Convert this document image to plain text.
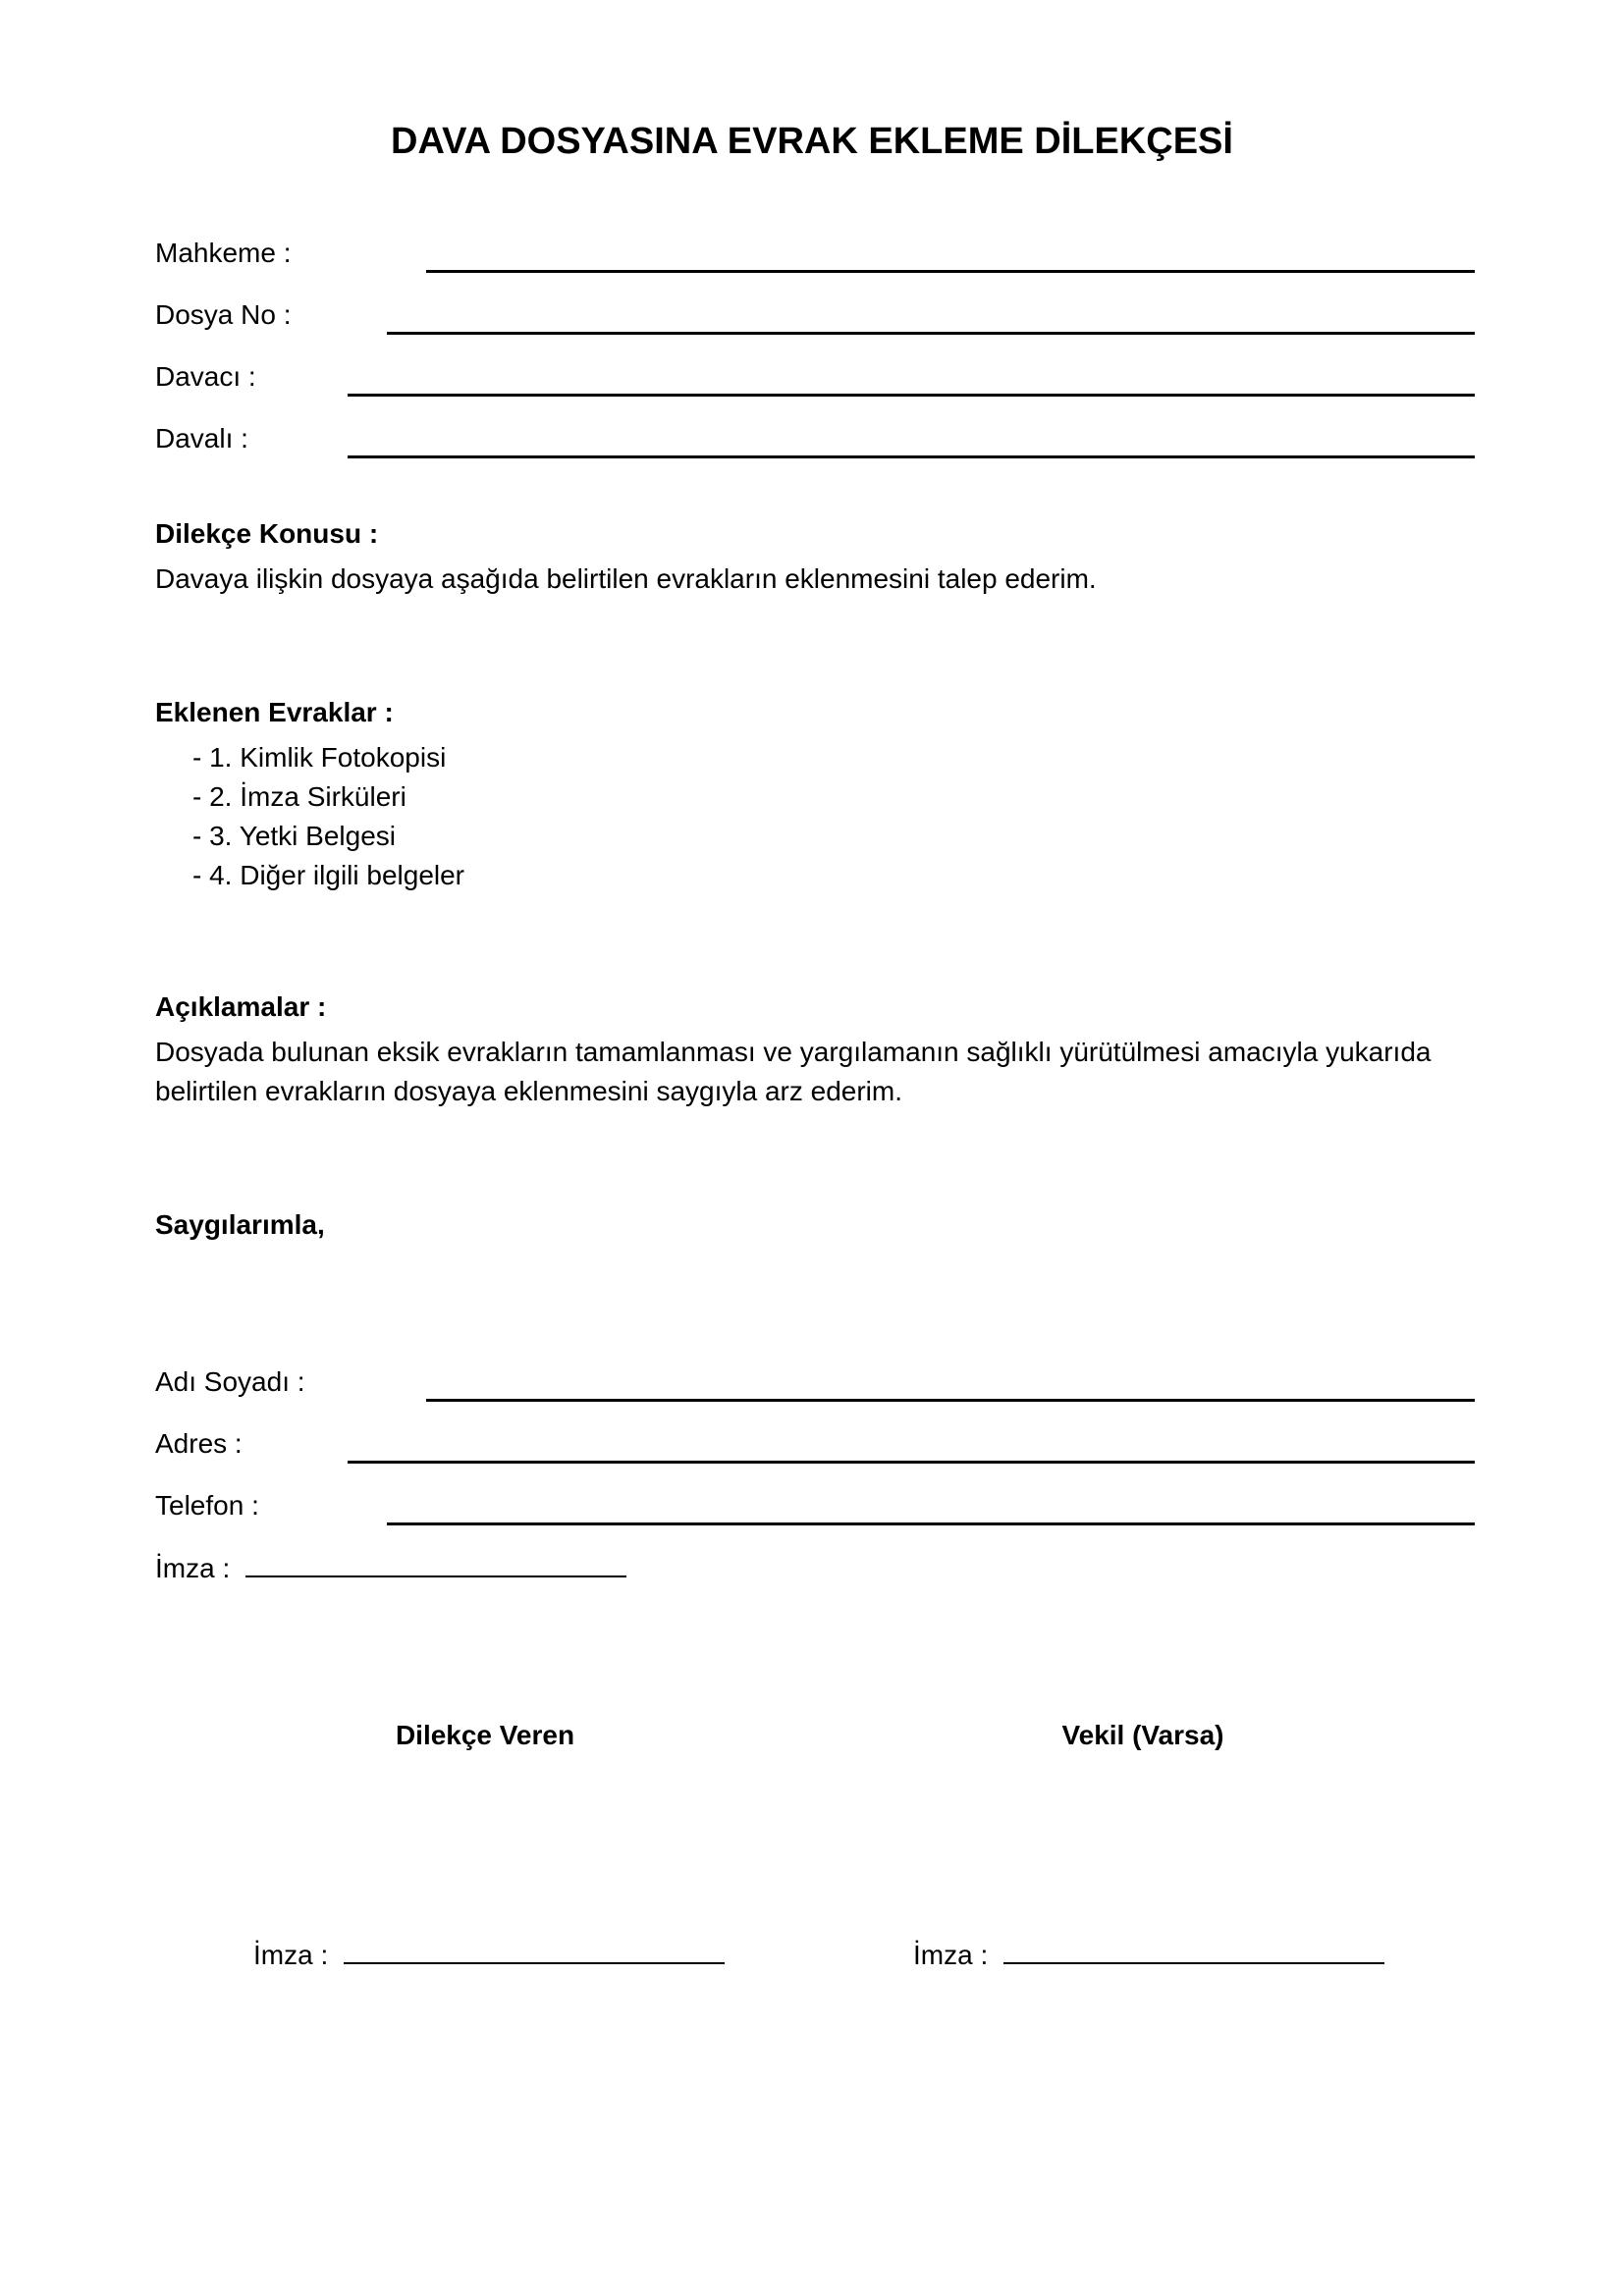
DAVA DOSYASINA EVRAK EKLEME DİLEKÇESİ
Mahkeme :
Dosya No :
Davacı :
Davalı :
Dilekçe Konusu :
Davaya ilişkin dosyaya aşağıda belirtilen evrakların eklenmesini talep ederim.
Eklenen Evraklar :
- 1. Kimlik Fotokopisi
- 2. İmza Sirküleri
- 3. Yetki Belgesi
- 4. Diğer ilgili belgeler
Açıklamalar :
Dosyada bulunan eksik evrakların tamamlanması ve yargılamanın sağlıklı yürütülmesi amacıyla yukarıda belirtilen evrakların dosyaya eklenmesini saygıyla arz ederim.
Saygılarımla,
Adı Soyadı :
Adres :
Telefon :
İmza :
Dilekçe Veren	Vekil (Varsa)
İmza :	İmza :
